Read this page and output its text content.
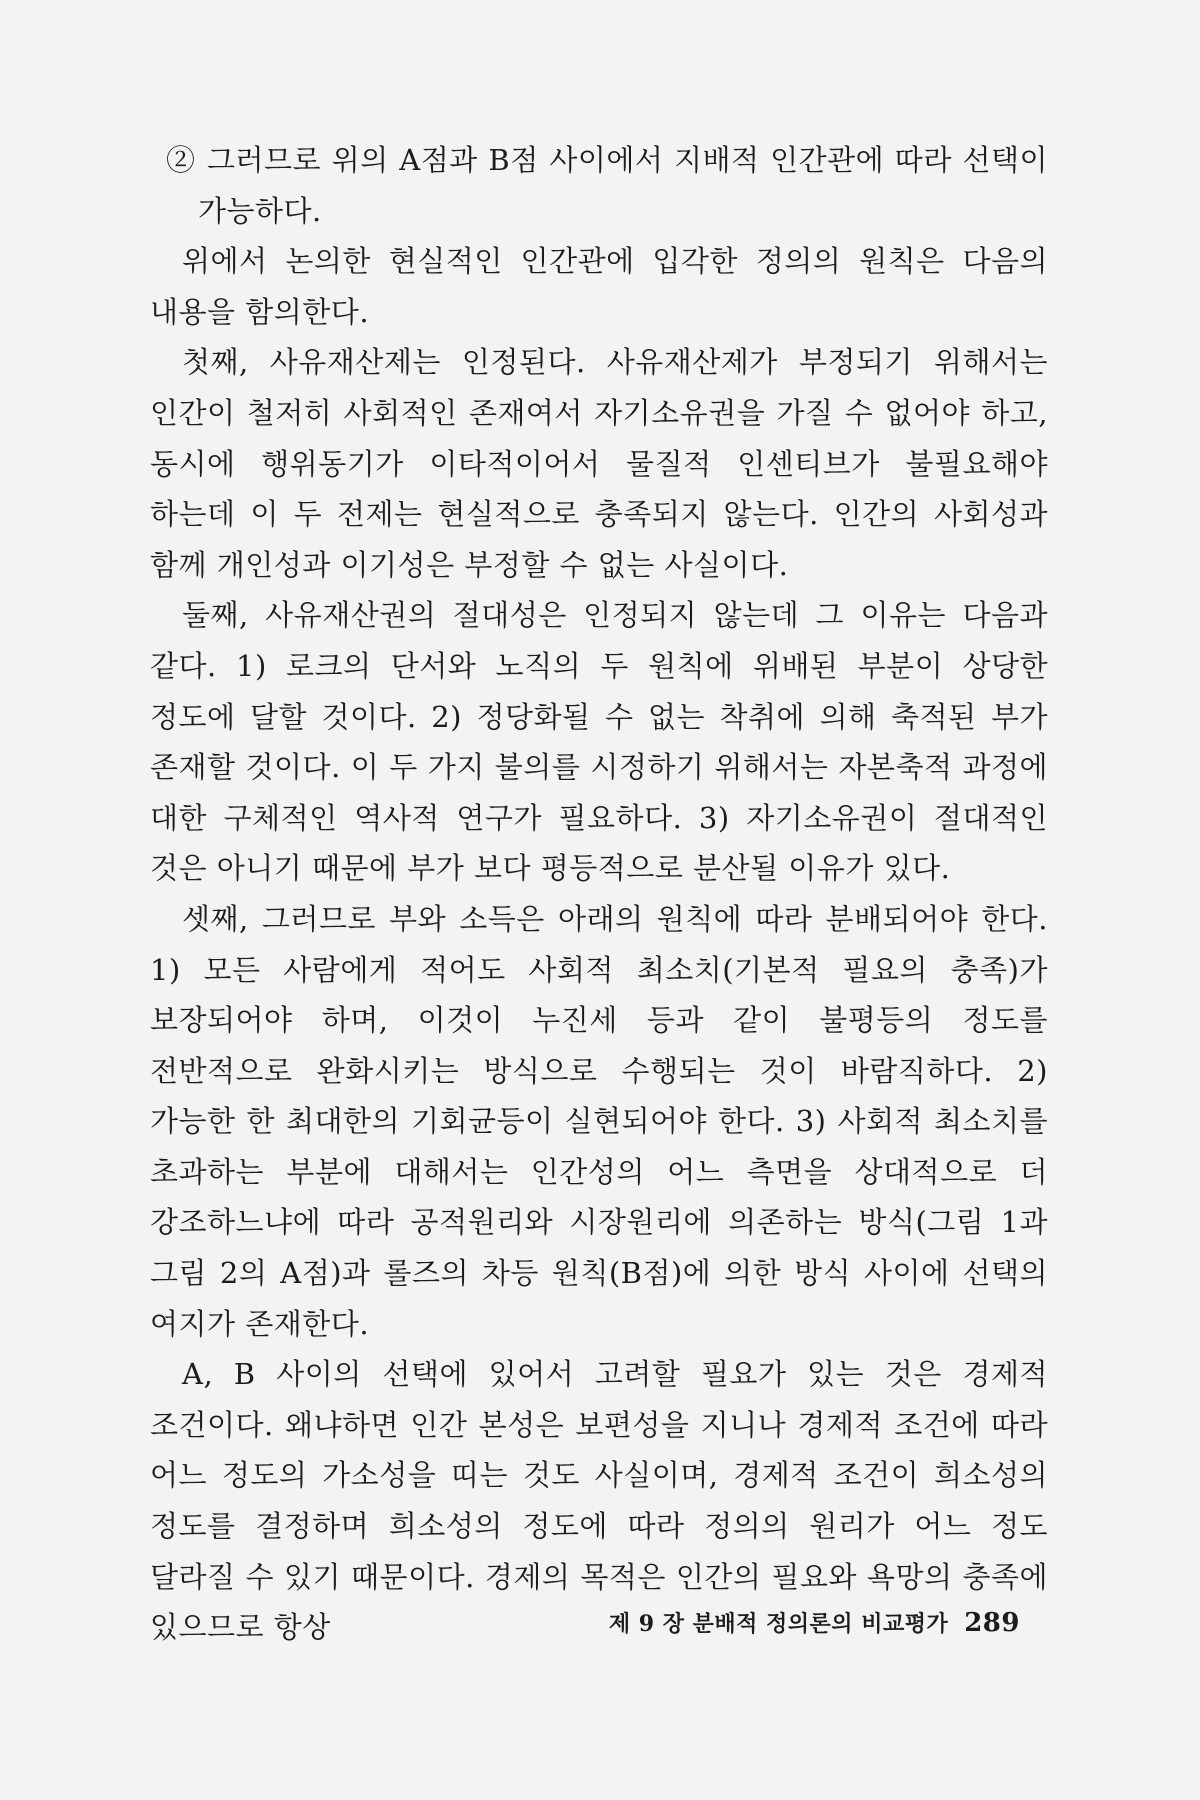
② 그러므로 위의 A점과 B점 사이에서 지배적 인간관에 따라 선택이 가능하다.

위에서 논의한 현실적인 인간관에 입각한 정의의 원칙은 다음의 내용을 함의한다.

첫째, 사유재산제는 인정된다. 사유재산제가 부정되기 위해서는 인간이 철저히 사회적인 존재여서 자기소유권을 가질 수 없어야 하고, 동시에 행위동기가 이타적이어서 물질적 인센티브가 불필요해야 하는데 이 두 전제는 현실적으로 충족되지 않는다. 인간의 사회성과 함께 개인성과 이기성은 부정할 수 없는 사실이다.

둘째, 사유재산권의 절대성은 인정되지 않는데 그 이유는 다음과 같다. 1) 로크의 단서와 노직의 두 원칙에 위배된 부분이 상당한 정도에 달할 것이다. 2) 정당화될 수 없는 착취에 의해 축적된 부가 존재할 것이다. 이 두 가지 불의를 시정하기 위해서는 자본축적 과정에 대한 구체적인 역사적 연구가 필요하다. 3) 자기소유권이 절대적인 것은 아니기 때문에 부가 보다 평등적으로 분산될 이유가 있다.

셋째, 그러므로 부와 소득은 아래의 원칙에 따라 분배되어야 한다. 1) 모든 사람에게 적어도 사회적 최소치(기본적 필요의 충족)가 보장되어야 하며, 이것이 누진세 등과 같이 불평등의 정도를 전반적으로 완화시키는 방식으로 수행되는 것이 바람직하다. 2) 가능한 한 최대한의 기회균등이 실현되어야 한다. 3) 사회적 최소치를 초과하는 부분에 대해서는 인간성의 어느 측면을 상대적으로 더 강조하느냐에 따라 공적원리와 시장원리에 의존하는 방식(그림 1과 그림 2의 A점)과 롤즈의 차등 원칙(B점)에 의한 방식 사이에 선택의 여지가 존재한다.

A, B 사이의 선택에 있어서 고려할 필요가 있는 것은 경제적 조건이다. 왜냐하면 인간 본성은 보편성을 지니나 경제적 조건에 따라 어느 정도의 가소성을 띠는 것도 사실이며, 경제적 조건이 희소성의 정도를 결정하며 희소성의 정도에 따라 정의의 원리가 어느 정도 달라질 수 있기 때문이다. 경제의 목적은 인간의 필요와 욕망의 충족에 있으므로 항상	제 9 장 분배적 정의론의 비교평가 289
